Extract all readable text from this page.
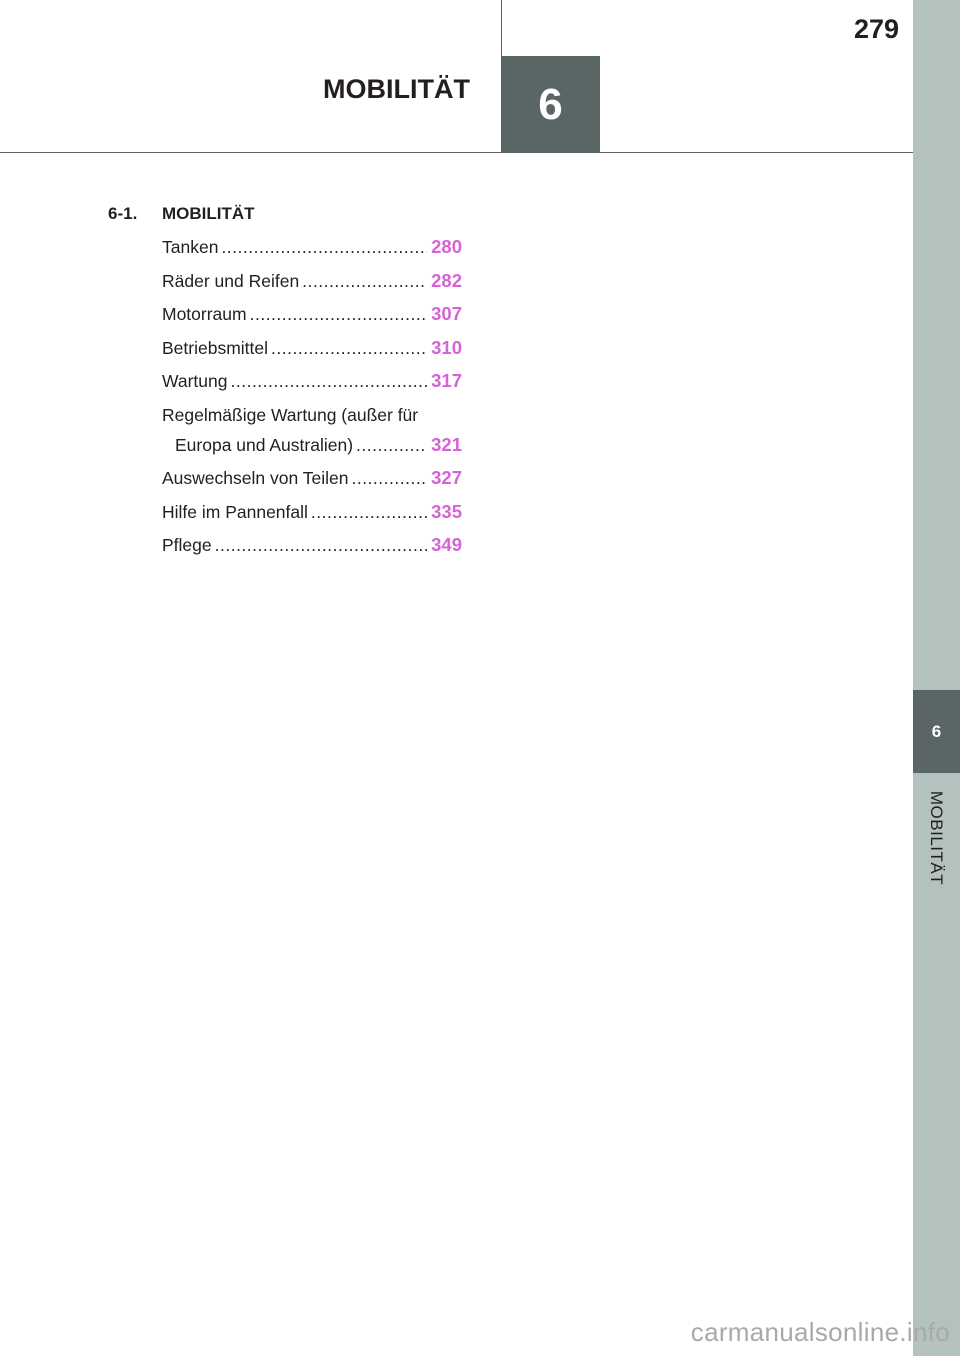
6
MOBILITÄT
279
6
MOBILITÄT
6-1.	MOBILITÄT
Tanken .....	280
Räder und Reifen .....	282
Motorraum .....	307
Betriebsmittel .....	310
Wartung .....	317
Regelmäßige Wartung (außer für
Europa und Australien) .....	321
Auswechseln von Teilen .....	327
Hilfe im Pannenfall .....	335
Pflege .....	349
carmanualsonline.info
